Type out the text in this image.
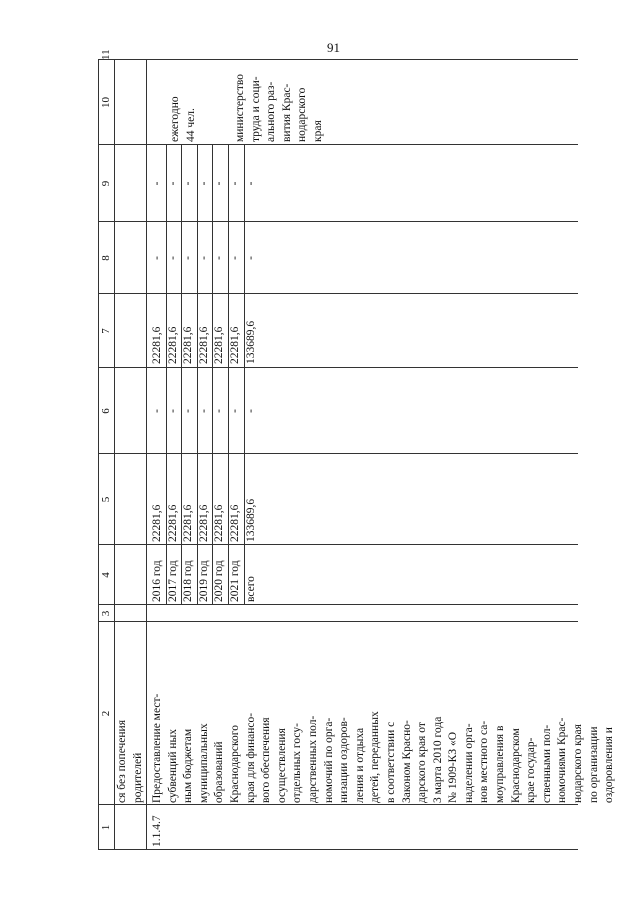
91
1
2
3
4
5
6
7
8
9
10
11
ся без попечения родителей
1.1.4.7
Предоставление мест- субвенций ных ным бюджетам муниципальных образований Краснодарского края для финансо- вого обеспечения осуществления отдельных госу- дарственных пол- номочий по орга- низации оздоров- ления и отдыха детей, переданных в соответствии с Законом Красно- дарского края от 3 марта 2010 года № 1909-КЗ «О наделении орга- нов местного са- моуправления в Краснодарском крае государ- ственными пол- номочиями Крас- нодарского края по организации оздоровления и
2016 год
22281,6
-
22281,6
-
-
2017 год
22281,6
-
22281,6
-
-
2018 год
22281,6
-
22281,6
-
-
2019 год
22281,6
-
22281,6
-
-
2020 год
22281,6
-
22281,6
-
-
2021 год
22281,6
-
22281,6
-
-
всего
133689,6
-
133689,6
-
-
ежегодно 44 чел.	министерство труда и соци- ального раз- вития Крас- нодарского края
